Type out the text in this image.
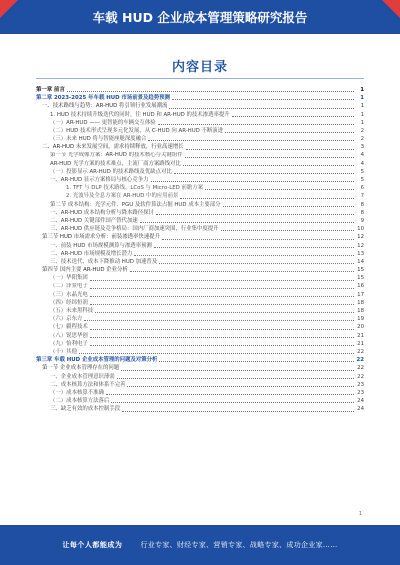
车载 HUD 企业成本管理策略研究报告
内容目录
第一章 前言	1
第二章 2023-2025 年车载 HUD 市场前景及趋势预测	1
一、技术路线与趋势：AR-HUD 将引领行业发展潮流	1
1. HUD 技术持续升级迭代的同时，往 HUD 和 AR-HUD 的技术渗透率提升	1
（一）AR-HUD —— 更智能的车辆交互体验	1
（二）HUD 技术形式呈现多元化发展，从 C-HUD 向 AR-HUD 不断演进	2
（三）未来 HUD 将与智能座舱深度融合	2
二、AR-HUD 未来发展空间，需求持续释放，行业高速增长	3
第一节 光学成像方案：AR-HUD 的技术核心与关键组件	4
AR-HUD 光学方案的技术难点，主流厂商方案路线对比	4
（一）投影显示 AR-HUD 的技术路线及优缺点对比	5
一、AR-HUD 显示方案格局与核心竞争力	5
1. TFT 与 DLP 技术路线、LCoS 与 Micro-LED 前瞻方案	6
2. 光波导及全息方案在 AR-HUD 中的应用前景	7
第二节 成本结构：光学元件、PGU 及软件算法占据 HUD 成本主要部分	8
一、AR-HUD 成本结构分析与降本路径探讨	8
二、AR-HUD 关键部件国产替代加速	9
三、AR-HUD 供应链及竞争格局：国内厂商加速突围，行业集中度提升	10
第三节 HUD 市场需求分析：前装渗透率快速提升	12
一、前装 HUD 市场规模测算与渗透率预测	12
二、AR-HUD 市场规模及增长潜力	13
三、技术迭代、成本下降推动 HUD 加速普及	14
第四节 国内主要 AR-HUD 企业分析	15
（一）华阳集团	15
（二）泽景电子	16
（三）水晶光电	17
（四）经纬恒润	18
（五）未来黑科技	18
（六）京东方	19
（七）疆程技术	20
（八）锐思华创	21
（九）怡利电子	21
（十）其他	22
第三章 车载 HUD 企业成本管理的问题及对策分析	22
第一节 企业成本管理存在的问题	22
一、企业成本管理意识薄弱	22
二、成本核算方法和体系不完善	23
（一）成本核算不准确	23
（二）成本核算方法落后	24
三、缺乏有效的成本控制手段	24
1
让每个人都能成为	行业专家、财经专家、营销专家、战略专家、成功企业家……
